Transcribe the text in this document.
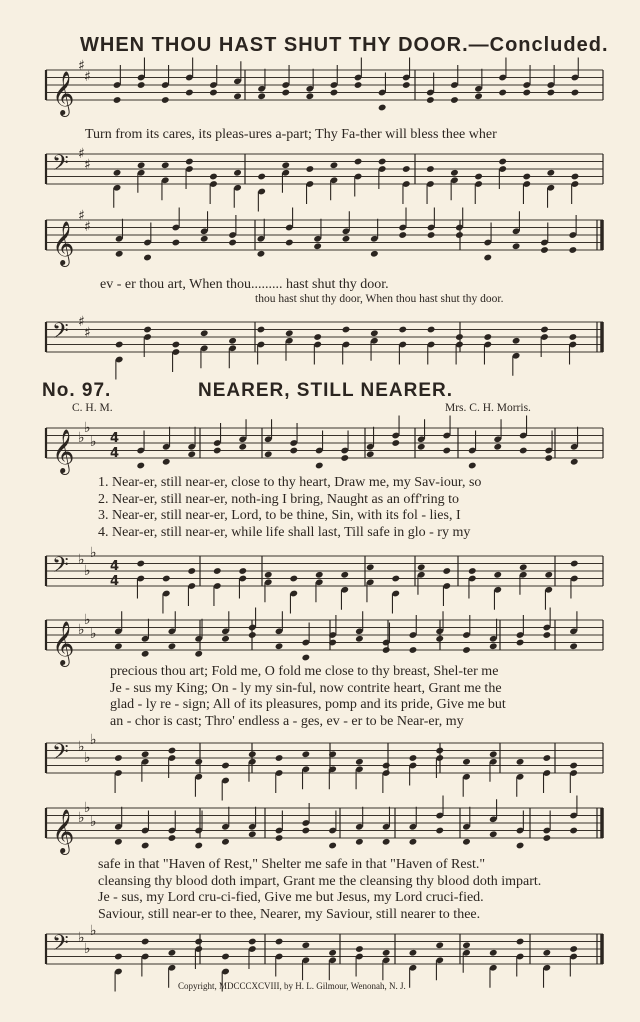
WHEN THOU HAST SHUT THY DOOR.—Concluded.
𝄞
♯
♯
Turn from its cares, its pleas-ures a-part; Thy Fa-ther will bless thee wher
𝄢 ♯
♯
𝄞
♯
♯
ev - er thou art, When thou......... hast shut thy door.
thou hast shut thy door, When thou hast shut thy door.
𝄢 ♯
♯
No. 97.	NEARER, STILL NEARER.
C. H. M.	Mrs. C. H. Morris.
𝄞 ♭
♭
♭ 4
4
1. Near-er, still near-er, close to thy heart, Draw me, my Sav-iour, so
2. Near-er, still near-er, noth-ing I bring, Naught as an off'ring to
3. Near-er, still near-er, Lord, to be thine, Sin, with its fol - lies, I
4. Near-er, still near-er, while life shall last, Till safe in glo - ry my
𝄢 ♭
♭
♭
4
4
𝄞 ♭
♭
♭
precious thou art; Fold me, O fold me close to thy breast, Shel-ter me
Je - sus my King; On - ly my sin-ful, now contrite heart, Grant me the
glad - ly re - sign; All of its pleasures, pomp and its pride, Give me but
an - chor is cast; Thro' endless a - ges, ev - er to be Near-er, my
𝄢 ♭
♭
♭
𝄞 ♭
♭
♭
safe in that "Haven of Rest," Shelter me safe in that "Haven of Rest."
cleansing thy blood doth impart, Grant me the cleansing thy blood doth impart.
Je - sus, my Lord cru-ci-fied, Give me but Jesus, my Lord cruci-fied.
Saviour, still near-er to thee, Nearer, my Saviour, still nearer to thee.
𝄢 ♭
♭
♭
Copyright, MDCCCXCVIII, by H. L. Gilmour, Wenonah, N. J.
